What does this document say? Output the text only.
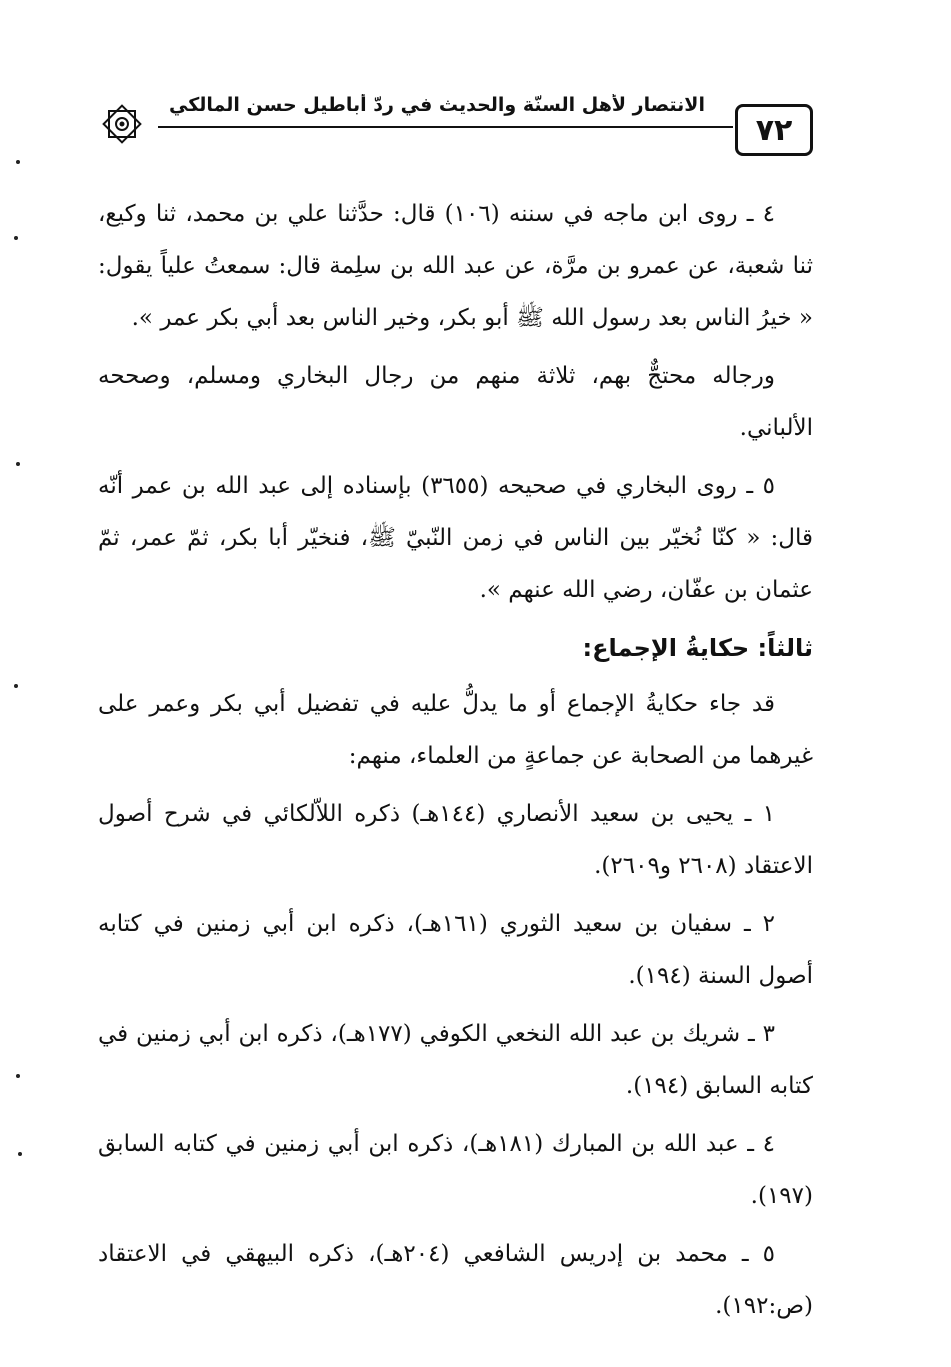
٧٢
الانتصار لأهل السنّة والحديث في ردّ أباطيل حسن المالكي

٤ ـ روى ابن ماجه في سننه (١٠٦) قال: حدَّثنا علي بن محمد، ثنا وكيع، ثنا شعبة، عن عمرو بن مرَّة، عن عبد الله بن سلِمة قال: سمعتُ علياً يقول: « خيرُ الناس بعد رسول الله ﷺ أبو بكر، وخير الناس بعد أبي بكر عمر ».

ورجاله محتجٌّ بهم، ثلاثة منهم من رجال البخاري ومسلم، وصححه الألباني.

٥ ـ روى البخاري في صحيحه (٣٦٥٥) بإسناده إلى عبد الله بن عمر أنّه قال: « كنّا نُخيّر بين الناس في زمن النّبيّ ﷺ، فنخيّر أبا بكر، ثمّ عمر، ثمّ عثمان بن عفّان، رضي الله عنهم ».

ثالثاً: حكايةُ الإجماع:

قد جاء حكايةُ الإجماع أو ما يدلُّ عليه في تفضيل أبي بكر وعمر على غيرهما من الصحابة عن جماعةٍ من العلماء، منهم:

١ ـ يحيى بن سعيد الأنصاري (١٤٤هـ) ذكره اللاّلكائي في شرح أصول الاعتقاد (٢٦٠٨ و٢٦٠٩).

٢ ـ سفيان بن سعيد الثوري (١٦١هـ)، ذكره ابن أبي زمنين في كتابه أصول السنة (١٩٤).

٣ ـ شريك بن عبد الله النخعي الكوفي (١٧٧هـ)، ذكره ابن أبي زمنين في كتابه السابق (١٩٤).

٤ ـ عبد الله بن المبارك (١٨١هـ)، ذكره ابن أبي زمنين في كتابه السابق (١٩٧).

٥ ـ محمد بن إدريس الشافعي (٢٠٤هـ)، ذكره البيهقي في الاعتقاد (ص:١٩٢).
